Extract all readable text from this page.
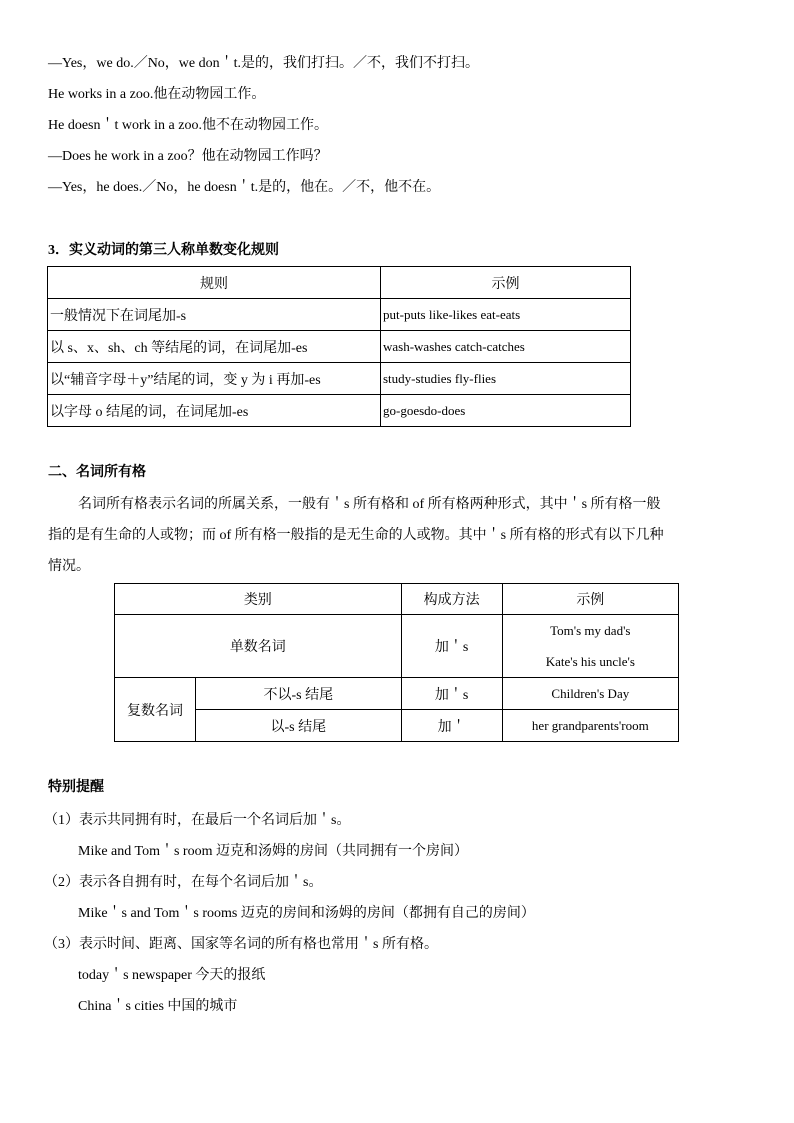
—Yes，we do.／No，we don＇t.是的，我们打扫。／不，我们不打扫。
He works in a zoo.他在动物园工作。
He doesn＇t work in a zoo.他不在动物园工作。
—Does he work in a zoo？他在动物园工作吗？
—Yes，he does.／No，he doesn＇t.是的，他在。／不，他不在。
3．实义动词的第三人称单数变化规则
规则	示例
一般情况下在词尾加-s	put-puts like-likes eat-eats
以 s、x、sh、ch 等结尾的词，在词尾加-es	wash-washes catch-catches
以“辅音字母＋y”结尾的词，变 y 为 i 再加-es	study-studies fly-flies
以字母 o 结尾的词，在词尾加-es	go-goesdo-does
二、名词所有格
名词所有格表示名词的所属关系，一般有＇s 所有格和 of 所有格两种形式，其中＇s 所有格一般
指的是有生命的人或物；而 of 所有格一般指的是无生命的人或物。其中＇s 所有格的形式有以下几种
情况。
类别		构成方法	示例
单数名词		加＇s	Tom's my dad's
Kate's his uncle's

复数名词	不以-s 结尾	加＇s	Children's Day
	以-s 结尾	加＇	her grandparents'room
特别提醒
（1）表示共同拥有时，在最后一个名词后加＇s。
Mike and Tom＇s room 迈克和汤姆的房间（共同拥有一个房间）
（2）表示各自拥有时，在每个名词后加＇s。
Mike＇s and Tom＇s rooms 迈克的房间和汤姆的房间（都拥有自己的房间）
（3）表示时间、距离、国家等名词的所有格也常用＇s 所有格。
today＇s newspaper 今天的报纸
China＇s cities 中国的城市
